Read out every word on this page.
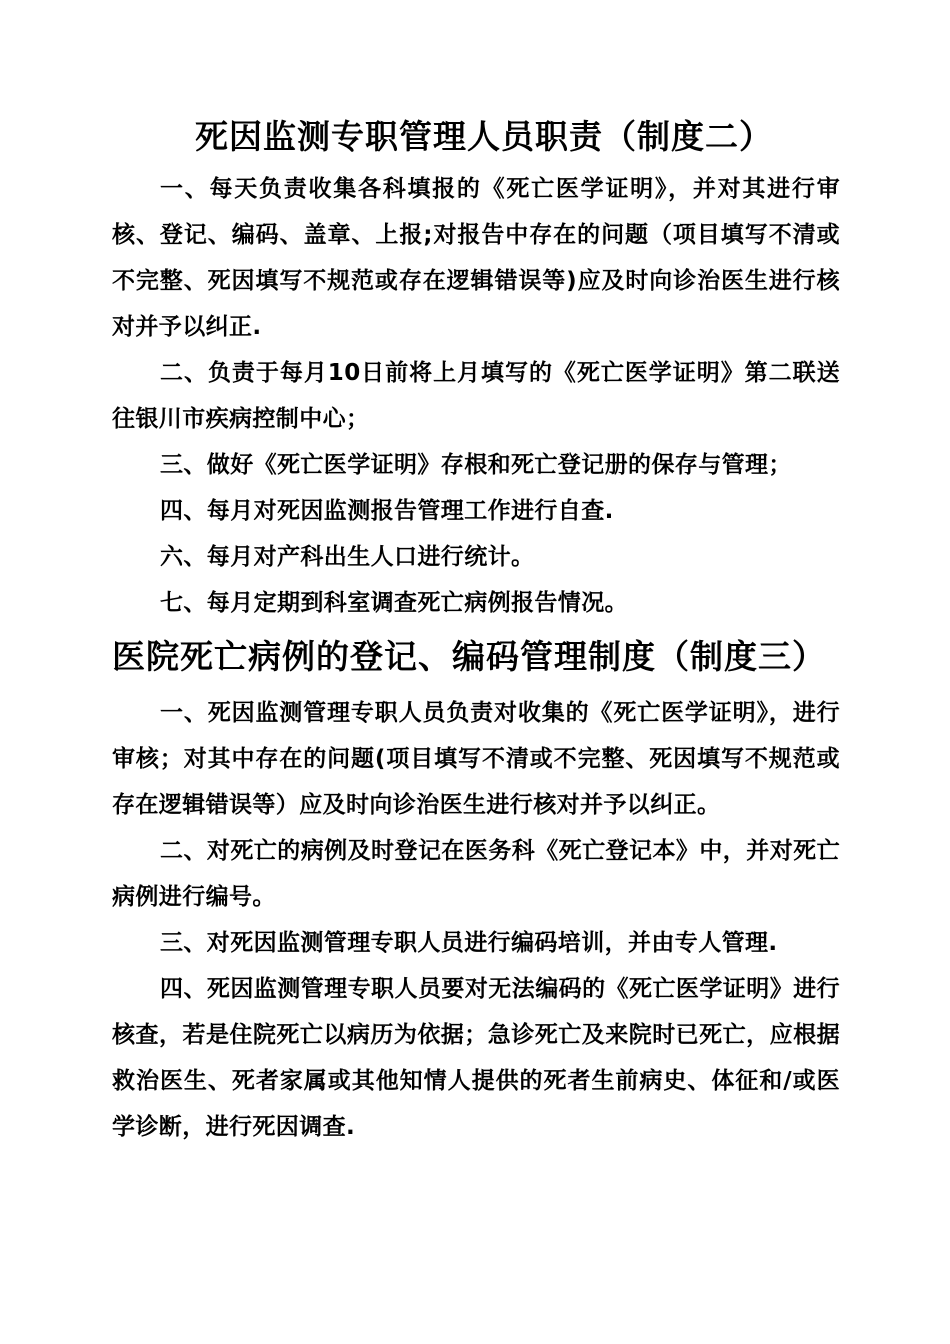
死因监测专职管理人员职责（制度二）

一、每天负责收集各科填报的《死亡医学证明》，并对其进行审核、登记、编码、盖章、上报;对报告中存在的问题（项目填写不清或不完整、死因填写不规范或存在逻辑错误等)应及时向诊治医生进行核对并予以纠正.

二、负责于每月10日前将上月填写的《死亡医学证明》第二联送往银川市疾病控制中心；

三、做好《死亡医学证明》存根和死亡登记册的保存与管理；

四、每月对死因监测报告管理工作进行自查.

六、每月对产科出生人口进行统计。

七、每月定期到科室调查死亡病例报告情况。

医院死亡病例的登记、编码管理制度（制度三）

一、死因监测管理专职人员负责对收集的《死亡医学证明》，进行审核；对其中存在的问题(项目填写不清或不完整、死因填写不规范或存在逻辑错误等）应及时向诊治医生进行核对并予以纠正。

二、对死亡的病例及时登记在医务科《死亡登记本》中，并对死亡病例进行编号。

三、对死因监测管理专职人员进行编码培训，并由专人管理.

四、死因监测管理专职人员要对无法编码的《死亡医学证明》进行核查，若是住院死亡以病历为依据；急诊死亡及来院时已死亡，应根据救治医生、死者家属或其他知情人提供的死者生前病史、体征和/或医学诊断，进行死因调查.
